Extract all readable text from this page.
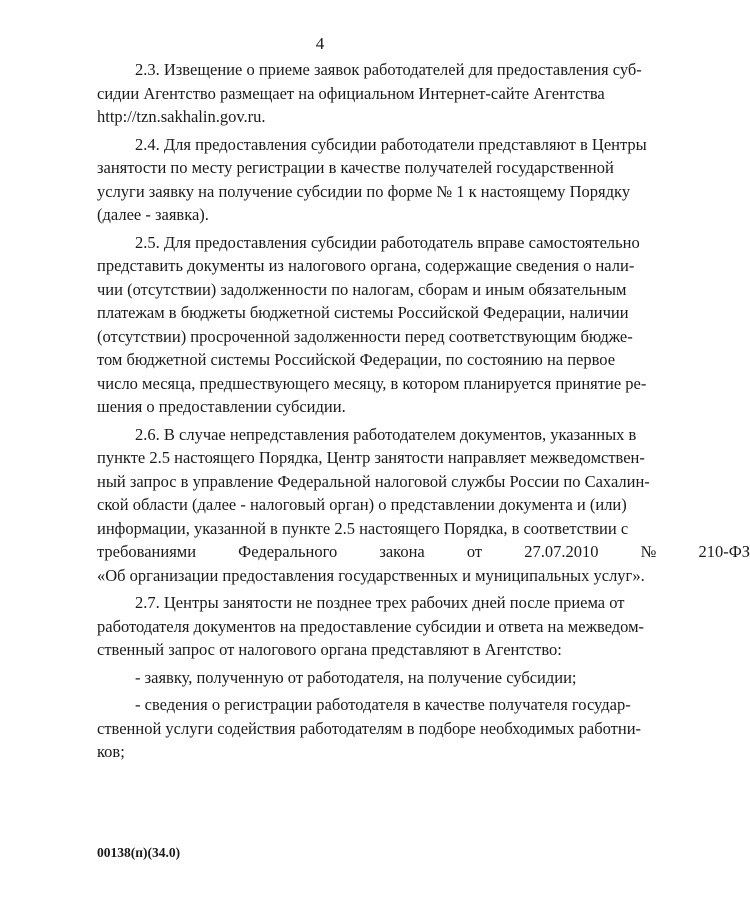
4

2.3. Извещение о приеме заявок работодателей для предоставления суб-
сидии Агентство размещает на официальном Интернет-сайте Агентства
http://tzn.sakhalin.gov.ru.

2.4. Для предоставления субсидии работодатели представляют в Центры
занятости по месту регистрации в качестве получателей государственной
услуги заявку на получение субсидии по форме № 1 к настоящему Порядку
(далее - заявка).

2.5. Для предоставления субсидии работодатель вправе самостоятельно
представить документы из налогового органа, содержащие сведения о нали-
чии (отсутствии) задолженности по налогам, сборам и иным обязательным
платежам в бюджеты бюджетной системы Российской Федерации, наличии
(отсутствии) просроченной задолженности перед соответствующим бюдже-
том бюджетной системы Российской Федерации, по состоянию на первое
число месяца, предшествующего месяцу, в котором планируется принятие ре-
шения о предоставлении субсидии.

2.6. В случае непредставления работодателем документов, указанных в
пункте 2.5 настоящего Порядка, Центр занятости направляет межведомствен-
ный запрос в управление Федеральной налоговой службы России по Сахалин-
ской области (далее - налоговый орган) о представлении документа и (или)
информации, указанной в пункте 2.5 настоящего Порядка, в соответствии с
требованиями Федерального закона от 27.07.2010 № 210-ФЗ
«Об организации предоставления государственных и муниципальных услуг».

2.7. Центры занятости не позднее трех рабочих дней после приема от
работодателя документов на предоставление субсидии и ответа на межведом-
ственный запрос от налогового органа представляют в Агентство:

- заявку, полученную от работодателя, на получение субсидии;

- сведения о регистрации работодателя в качестве получателя государ-
ственной услуги содействия работодателям в подборе необходимых работни-
ков;

00138(п)(34.0)
